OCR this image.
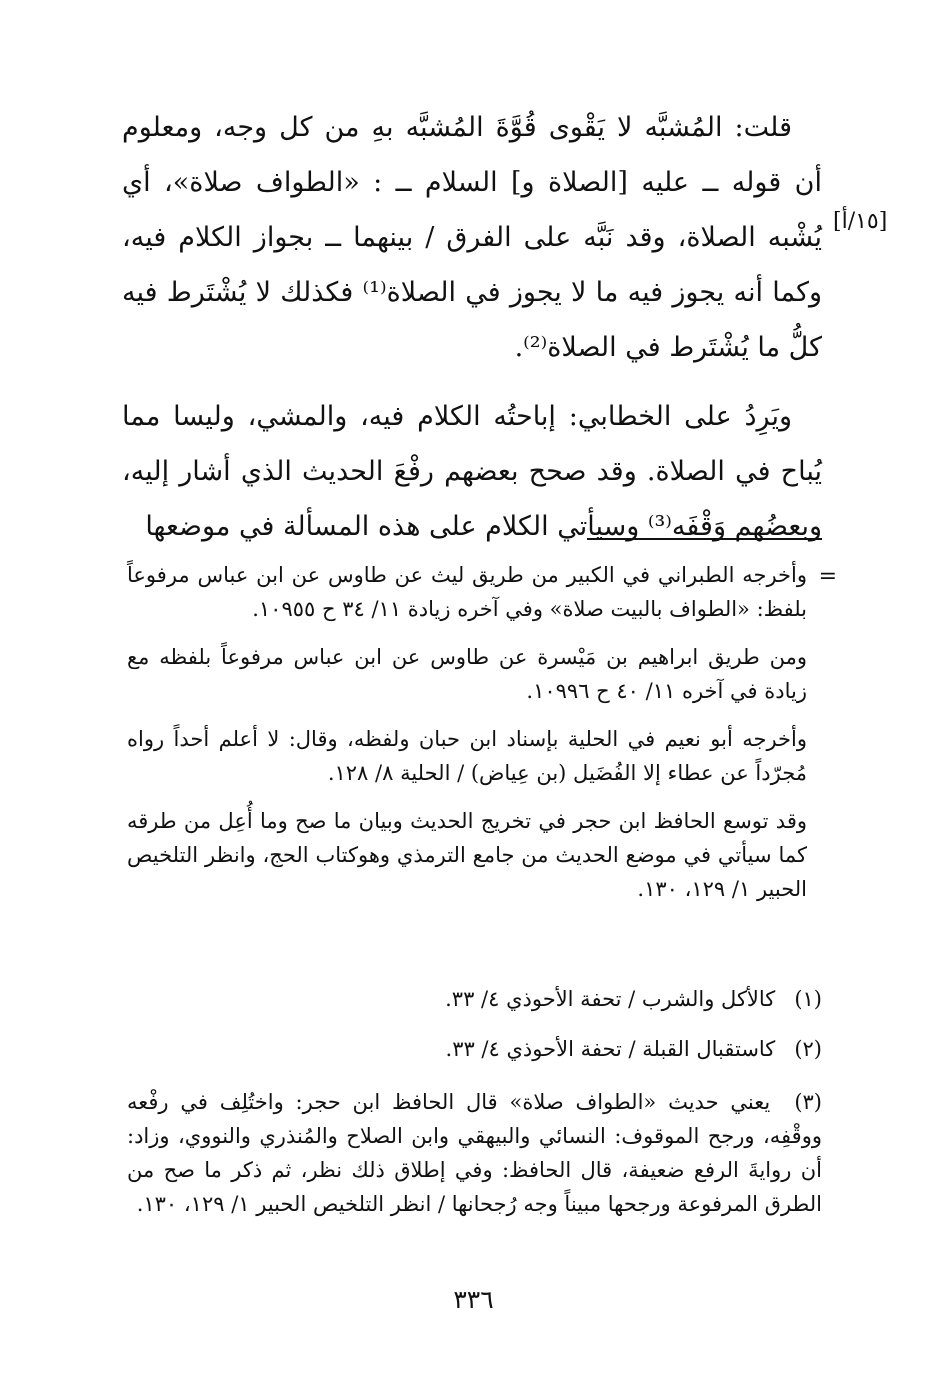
قلت: المُشبَّه لا يَقْوى قُوَّةَ المُشبَّه بهِ من كل وجه، ومعلوم أن قوله ــ عليه [الصلاة و] السلام ــ : «الطواف صلاة»، أي يُشْبه الصلاة، وقد نَبَّه على الفرق / بينهما ــ بجواز الكلام فيه، وكما أنه يجوز فيه ما لا يجوز في الصلاة⁽¹⁾ فكذلك لا يُشْتَرط فيه كلُّ ما يُشْتَرط في الصلاة⁽²⁾.

ويَرِدُ على الخطابي: إباحتُه الكلام فيه، والمشي، وليسا مما يُباح في الصلاة. وقد صحح بعضهم رفْعَ الحديث الذي أشار إليه، وبعضُهم وَقْفَه⁽³⁾ وسيأتي الكلام على هذه المسألة في موضعها

[١٥/أ]
=

وأخرجه الطبراني في الكبير من طريق ليث عن طاوس عن ابن عباس مرفوعاً بلفظ: «الطواف بالبيت صلاة» وفي آخره زيادة ١١/ ٣٤ ح ١٠٩٥٥.

ومن طريق ابراهيم بن مَيْسرة عن طاوس عن ابن عباس مرفوعاً بلفظه مع زيادة في آخره ١١/ ٤٠ ح ١٠٩٩٦.

وأخرجه أبو نعيم في الحلية بإسناد ابن حبان ولفظه، وقال: لا أعلم أحداً رواه مُجرّداً عن عطاء إلا الفُضَيل (بن عِياض) / الحلية ٨/ ١٢٨.

وقد توسع الحافظ ابن حجر في تخريج الحديث وبيان ما صح وما أُعِل من طرقه كما سيأتي في موضع الحديث من جامع الترمذي وهوكتاب الحج، وانظر التلخيص الحبير ١/ ١٢٩، ١٣٠.

(١) كالأكل والشرب / تحفة الأحوذي ٤/ ٣٣.
(٢) كاستقبال القبلة / تحفة الأحوذي ٤/ ٣٣.
(٣) يعني حديث «الطواف صلاة» قال الحافظ ابن حجر: واختُلِف في رفْعه ووقْفِه، ورجح الموقوف: النسائي والبيهقي وابن الصلاح والمُنذري والنووي، وزاد: أن روايةَ الرفع ضعيفة، قال الحافظ: وفي إطلاق ذلك نظر، ثم ذكر ما صح من الطرق المرفوعة ورجحها مبيناً وجه رُجحانها / انظر التلخيص الحبير ١/ ١٢٩، ١٣٠.
٣٣٦
